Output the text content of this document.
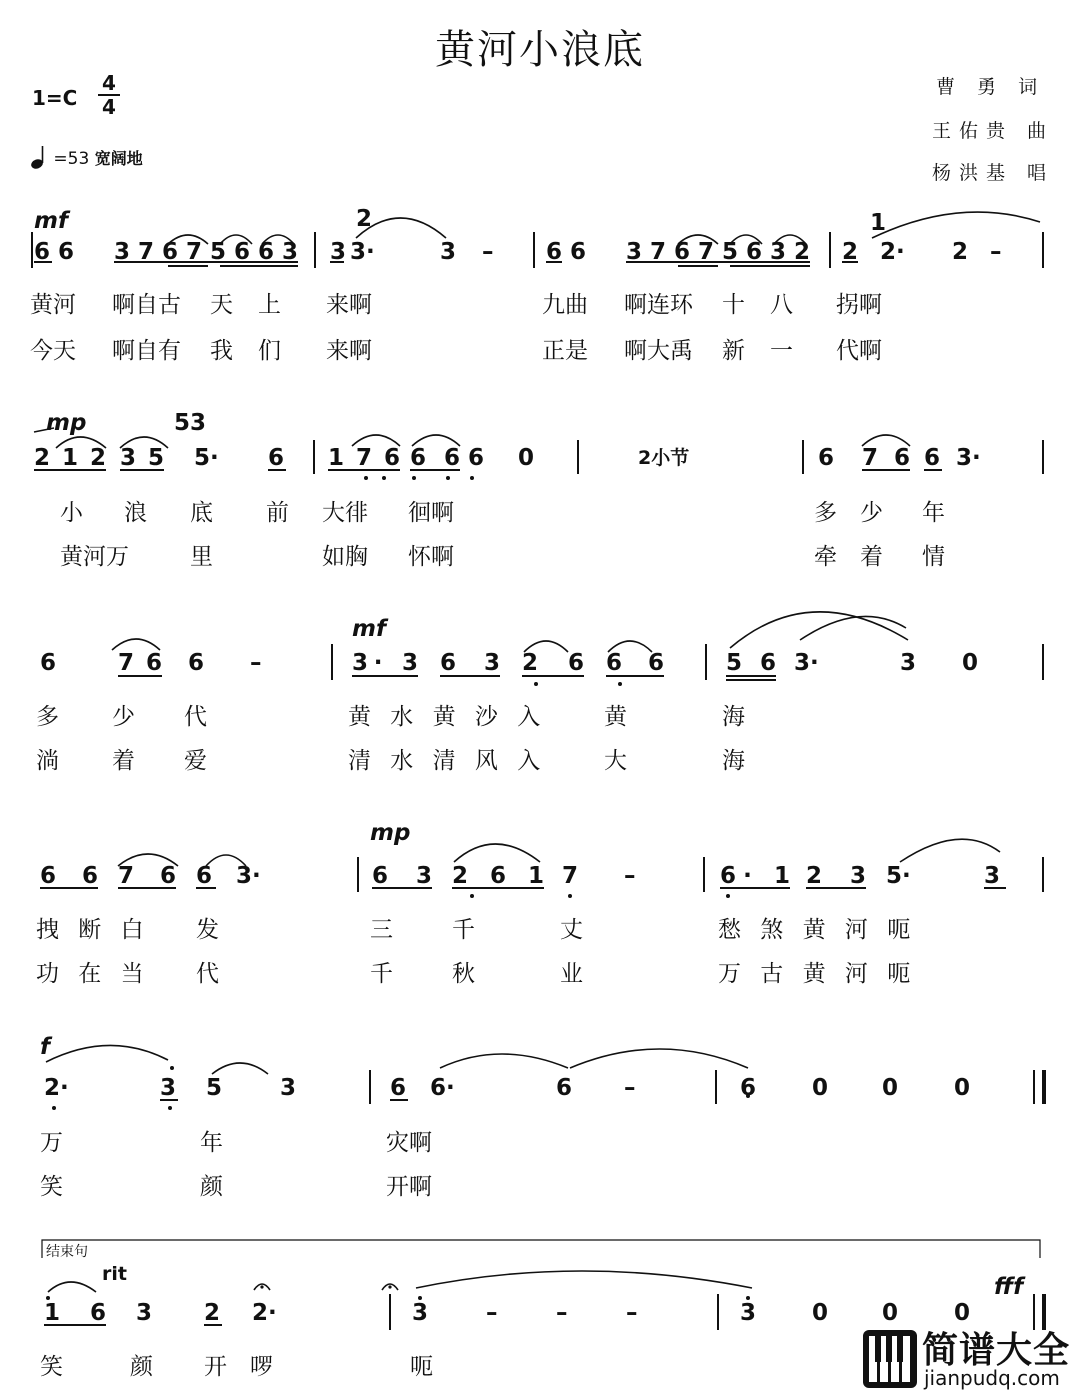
黄河小浪底
1=C
4
4
=53 宽阔地
曹 勇 词
王佑贵 曲
杨洪基 唱
mf
mp
mf
mp
f
fff
2	1
53
6 6 3 7 6 7 5 6 6 3 3 3·	3 – 6 6 3 7 6 7 5 6 3 2 2 2· 2 –
2 1 2 3 5 5· 6 1 7 6 6 6 6 0	6 7 6 6 3·
2小节
6	7 6 6 –	3· 3 6 3 2 6 6 6	5 6 3·	3 0
6 6 7 6 6 3·	6 3 2 6 1 7 –	6· 1 2 3 5·	3
2·	3 5	3	6 6·	6 –	6 0 0 0
rit
1 6 3 2 2·	3	–	–	–	3 0 0 0
结束句
黄河 啊自古 天 上 来啊	九曲 啊连环 十 八 拐啊
今天 啊自有 我 们 来啊	正是 啊大禹 新 一 代啊
小 浪 底 前 大徘 徊啊	多 少 年
黄河万	里	如胸 怀啊	牵 着 情
多 少 代	黄 水 黄 沙 入	黄	海
淌 着 爱	清 水 清 风 入	大	海
拽 断 白 发	三	千	丈	愁 煞 黄 河 呃
功 在 当 代	千	秋	业	万 古 黄 河 呃
万	年	灾啊
笑	颜	开啊
笑	颜 开 啰	呃	简谱大全
jianpudq.com
